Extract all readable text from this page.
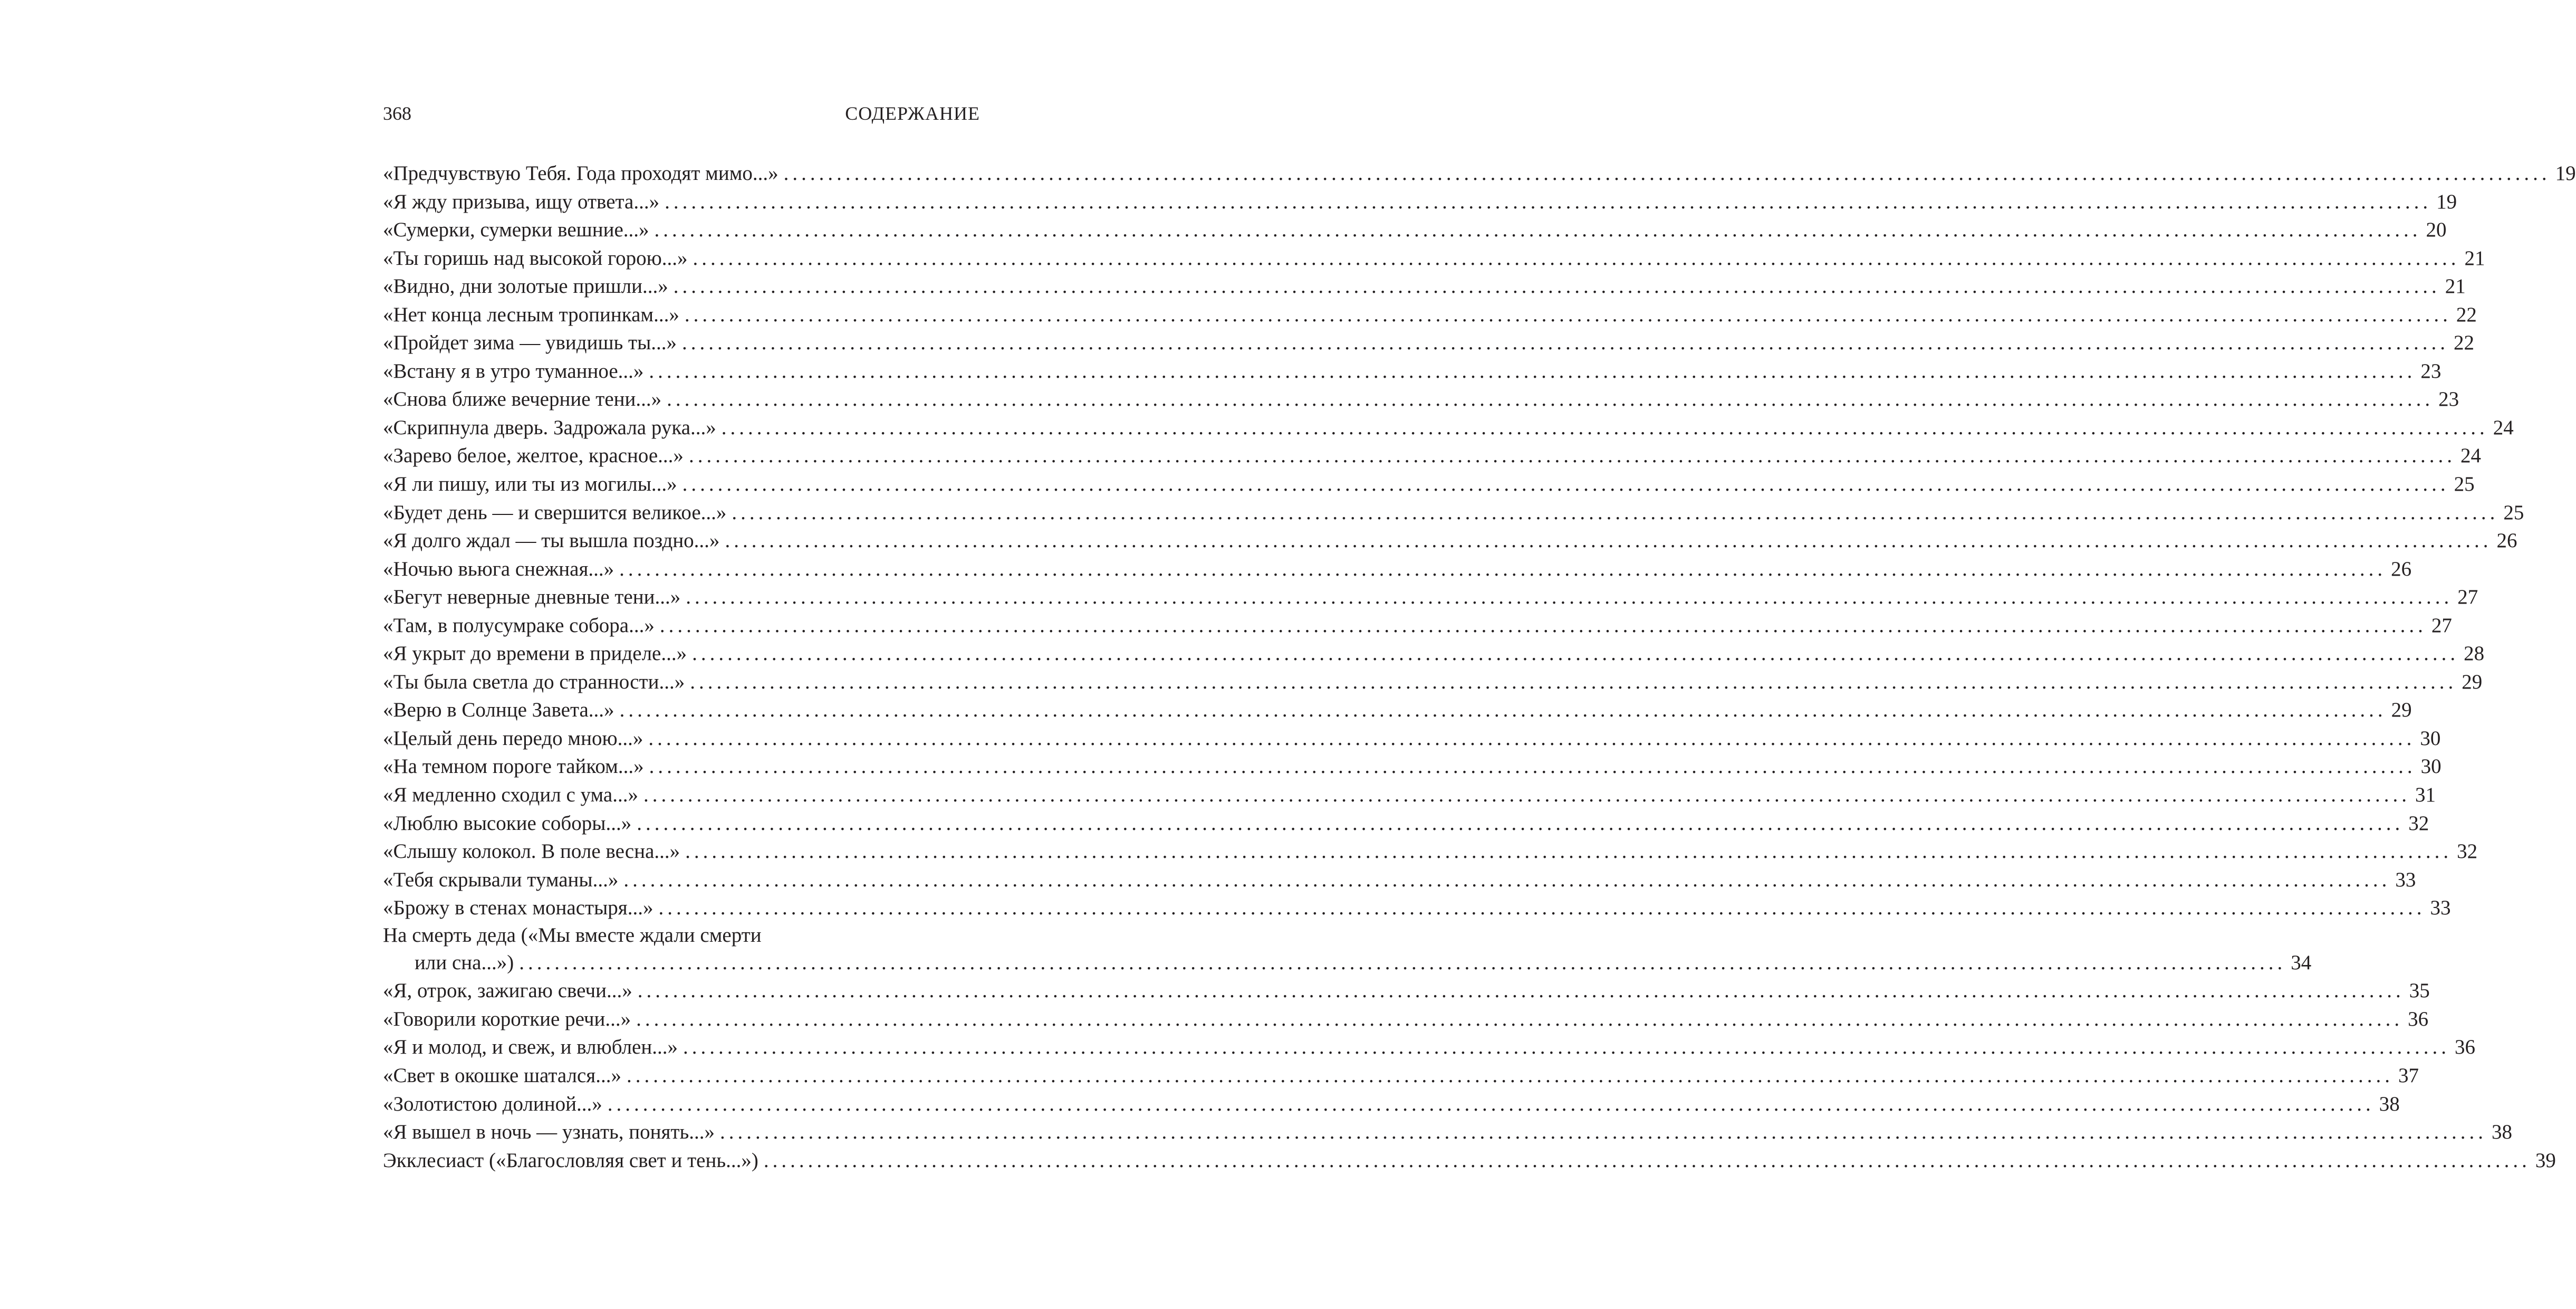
368	СОДЕРЖАНИЕ
«Предчувствую Тебя. Года проходят мимо...» ........................................................................................................................................................................................................ 19
«Я жду призыва, ищу ответа...» ........................................................................................................................................................................................................ 19
«Сумерки, сумерки вешние...» ........................................................................................................................................................................................................ 20
«Ты горишь над высокой горою...» ........................................................................................................................................................................................................ 21
«Видно, дни золотые пришли...» ........................................................................................................................................................................................................ 21
«Нет конца лесным тропинкам...» ........................................................................................................................................................................................................ 22
«Пройдет зима — увидишь ты...» ........................................................................................................................................................................................................ 22
«Встану я в утро туманное...» ........................................................................................................................................................................................................ 23
«Снова ближе вечерние тени...» ........................................................................................................................................................................................................ 23
«Скрипнула дверь. Задрожала рука...» ........................................................................................................................................................................................................ 24
«Зарево белое, желтое, красное...» ........................................................................................................................................................................................................ 24
«Я ли пишу, или ты из могилы...» ........................................................................................................................................................................................................ 25
«Будет день — и свершится великое...» ........................................................................................................................................................................................................ 25
«Я долго ждал — ты вышла поздно...» ........................................................................................................................................................................................................ 26
«Ночью вьюга снежная...» ........................................................................................................................................................................................................ 26
«Бегут неверные дневные тени...» ........................................................................................................................................................................................................ 27
«Там, в полусумраке собора...» ........................................................................................................................................................................................................ 27
«Я укрыт до времени в приделе...» ........................................................................................................................................................................................................ 28
«Ты была светла до странности...» ........................................................................................................................................................................................................ 29
«Верю в Солнце Завета...» ........................................................................................................................................................................................................ 29
«Целый день передо мною...» ........................................................................................................................................................................................................ 30
«На темном пороге тайком...» ........................................................................................................................................................................................................ 30
«Я медленно сходил с ума...» ........................................................................................................................................................................................................ 31
«Люблю высокие соборы...» ........................................................................................................................................................................................................ 32
«Слышу колокол. В поле весна...» ........................................................................................................................................................................................................ 32
«Тебя скрывали туманы...» ........................................................................................................................................................................................................ 33
«Брожу в стенах монастыря...» ........................................................................................................................................................................................................ 33
На смерть деда («Мы вместе ждали смерти
или сна...») ........................................................................................................................................................................................................ 34
«Я, отрок, зажигаю свечи...» ........................................................................................................................................................................................................ 35
«Говорили короткие речи...» ........................................................................................................................................................................................................ 36
«Я и молод, и свеж, и влюблен...» ........................................................................................................................................................................................................ 36
«Свет в окошке шатался...» ........................................................................................................................................................................................................ 37
«Золотистою долиной...» ........................................................................................................................................................................................................ 38
«Я вышел в ночь — узнать, понять...» ........................................................................................................................................................................................................ 38
Экклесиаст («Благословляя свет и тень...») ........................................................................................................................................................................................................ 39
